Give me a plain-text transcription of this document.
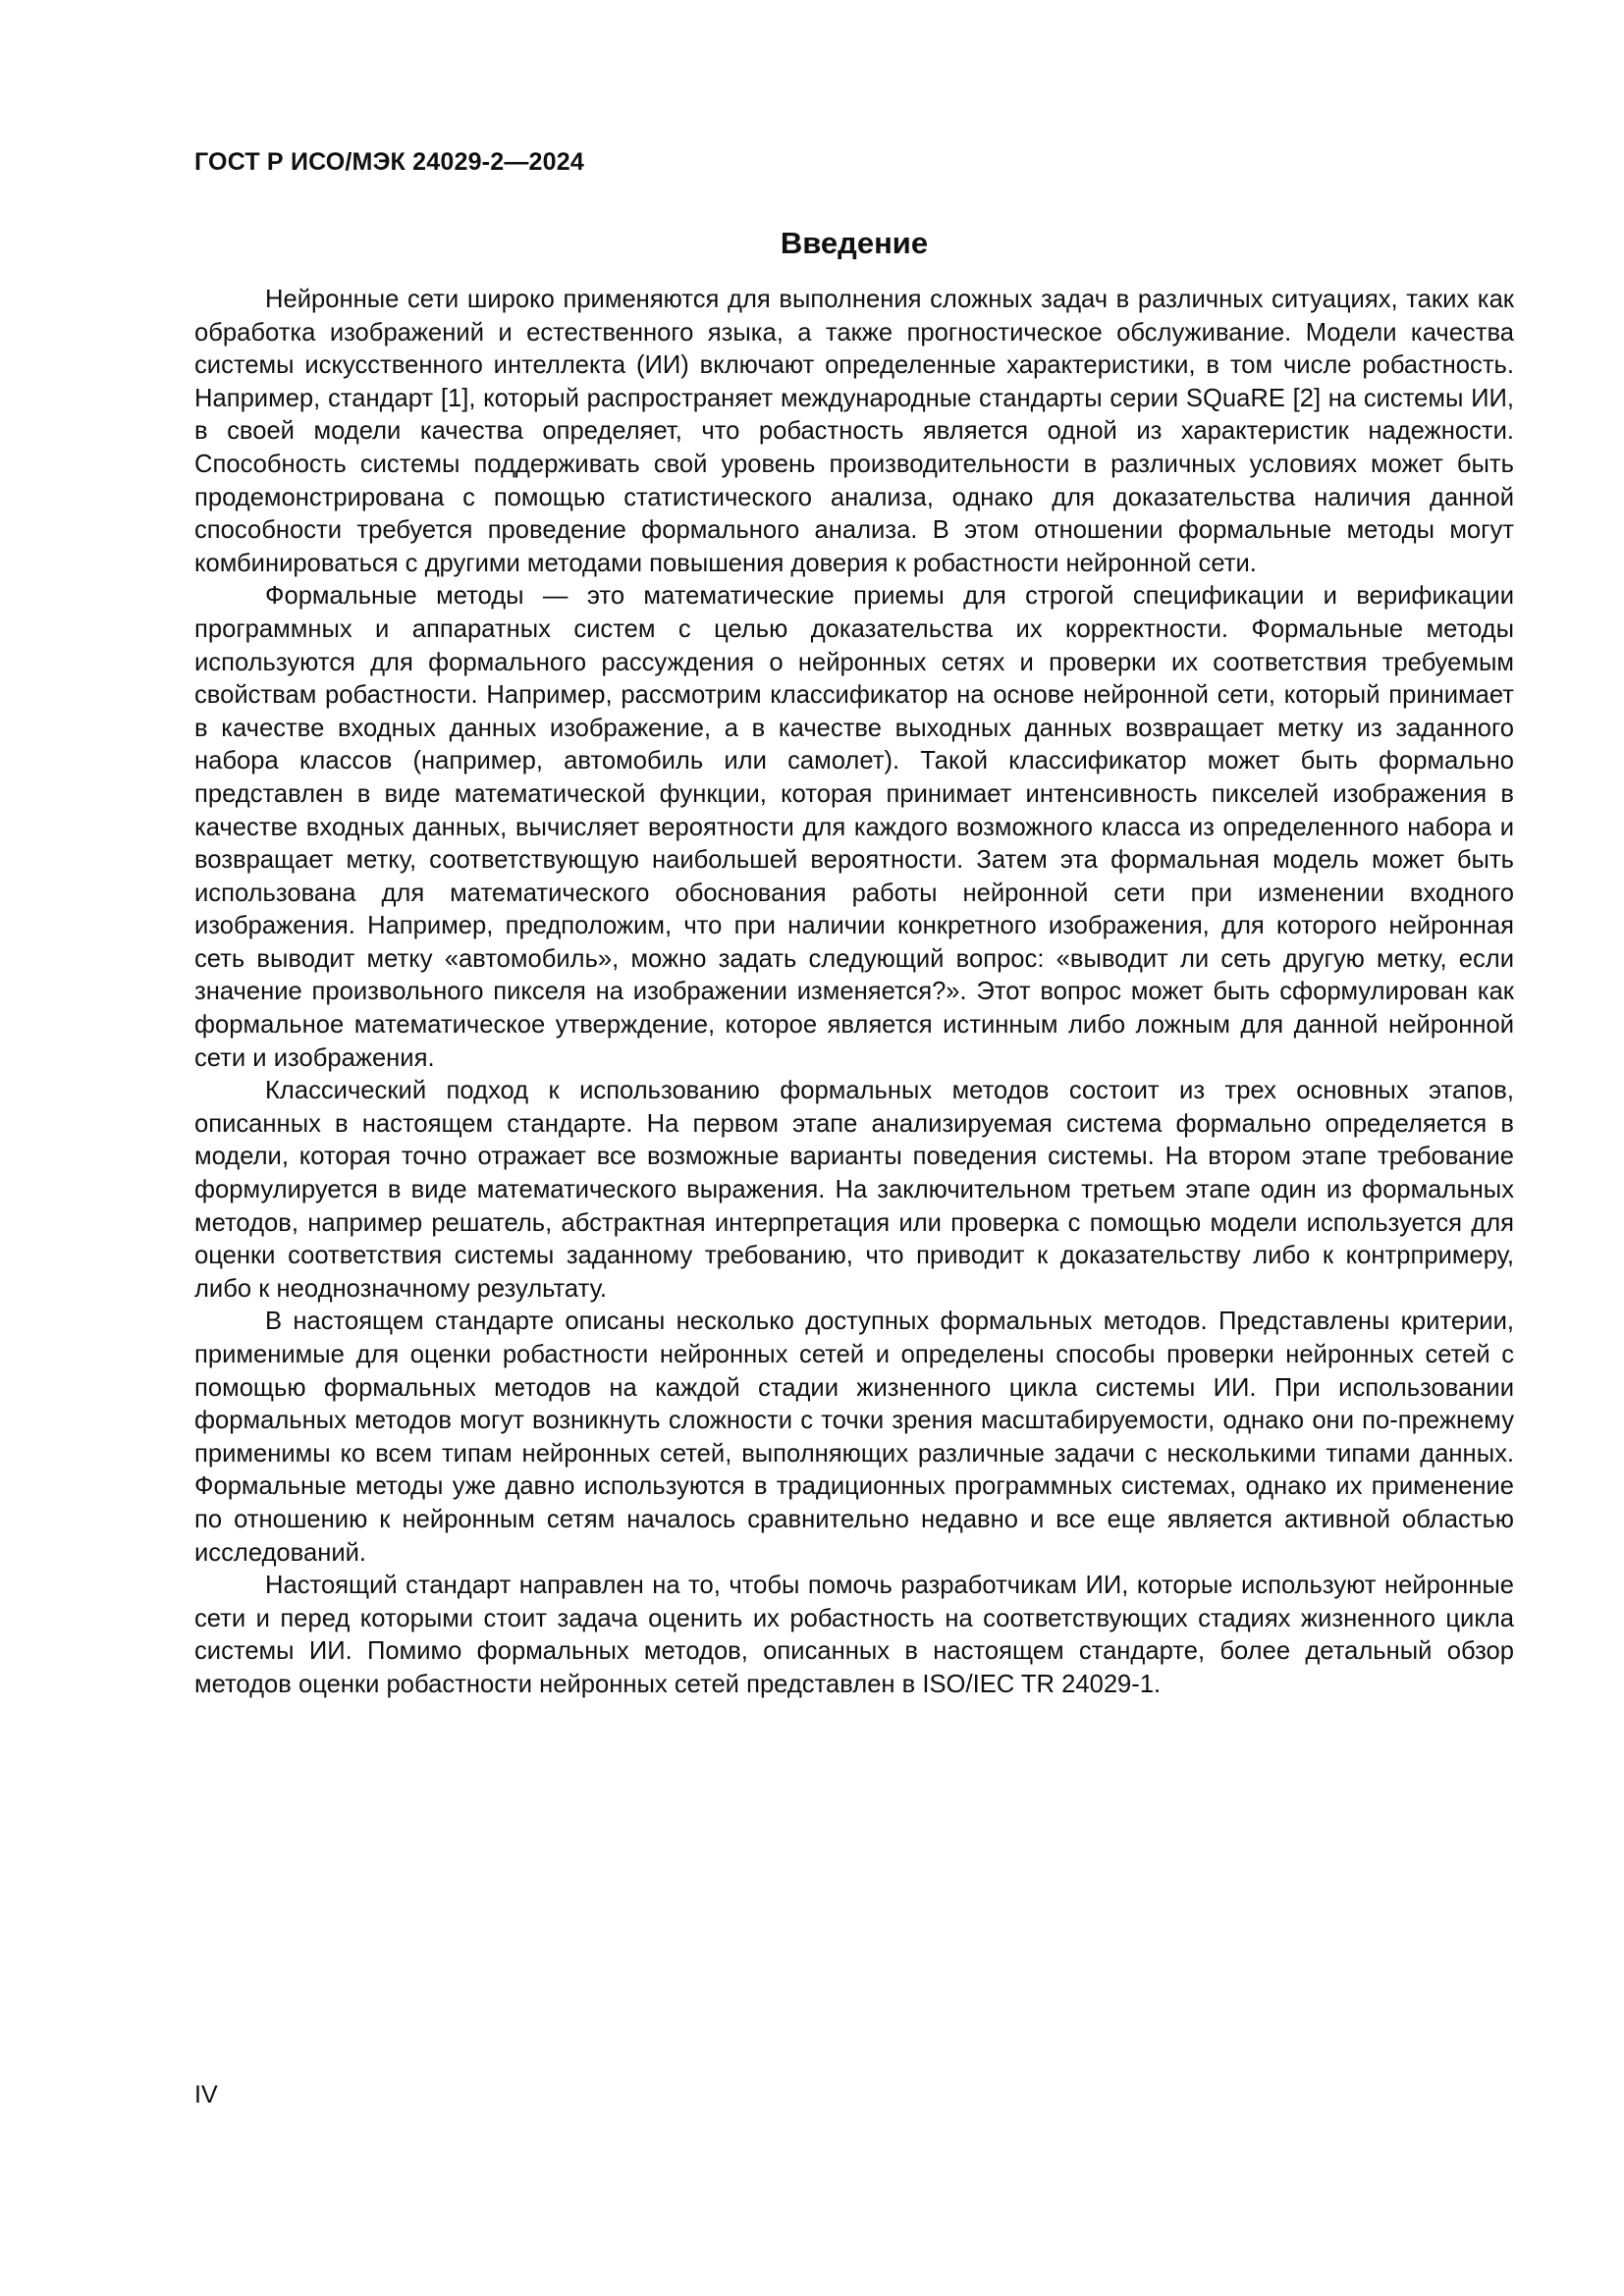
ГОСТ Р ИСО/МЭК 24029-2—2024
Введение

Нейронные сети широко применяются для выполнения сложных задач в различных ситуациях, таких как обработка изображений и естественного языка, а также прогностическое обслуживание. Модели качества системы искусственного интеллекта (ИИ) включают определенные характеристики, в том числе робастность. Например, стандарт [1], который распространяет международные стандарты серии SQuaRE [2] на системы ИИ, в своей модели качества определяет, что робастность является одной из характеристик надежности. Способность системы поддерживать свой уровень производительности в различных условиях может быть продемонстрирована с помощью статистического анализа, однако для доказательства наличия данной способности требуется проведение формального анализа. В этом отношении формальные методы могут комбинироваться с другими методами повышения доверия к робастности нейронной сети.

Формальные методы — это математические приемы для строгой спецификации и верификации программных и аппаратных систем с целью доказательства их корректности. Формальные методы используются для формального рассуждения о нейронных сетях и проверки их соответствия требуемым свойствам робастности. Например, рассмотрим классификатор на основе нейронной сети, который принимает в качестве входных данных изображение, а в качестве выходных данных возвращает метку из заданного набора классов (например, автомобиль или самолет). Такой классификатор может быть формально представлен в виде математической функции, которая принимает интенсивность пикселей изображения в качестве входных данных, вычисляет вероятности для каждого возможного класса из определенного набора и возвращает метку, соответствующую наибольшей вероятности. Затем эта формальная модель может быть использована для математического обоснования работы нейронной сети при изменении входного изображения. Например, предположим, что при наличии конкретного изображения, для которого нейронная сеть выводит метку «автомобиль», можно задать следующий вопрос: «выводит ли сеть другую метку, если значение произвольного пикселя на изображении изменяется?». Этот вопрос может быть сформулирован как формальное математическое утверждение, которое является истинным либо ложным для данной нейронной сети и изображения.

Классический подход к использованию формальных методов состоит из трех основных этапов, описанных в настоящем стандарте. На первом этапе анализируемая система формально определяется в модели, которая точно отражает все возможные варианты поведения системы. На втором этапе требование формулируется в виде математического выражения. На заключительном третьем этапе один из формальных методов, например решатель, абстрактная интерпретация или проверка с помощью модели используется для оценки соответствия системы заданному требованию, что приводит к доказательству либо к контрпримеру, либо к неоднозначному результату.

В настоящем стандарте описаны несколько доступных формальных методов. Представлены критерии, применимые для оценки робастности нейронных сетей и определены способы проверки нейронных сетей с помощью формальных методов на каждой стадии жизненного цикла системы ИИ. При использовании формальных методов могут возникнуть сложности с точки зрения масштабируемости, однако они по-прежнему применимы ко всем типам нейронных сетей, выполняющих различные задачи с несколькими типами данных. Формальные методы уже давно используются в традиционных программных системах, однако их применение по отношению к нейронным сетям началось сравнительно недавно и все еще является активной областью исследований.

Настоящий стандарт направлен на то, чтобы помочь разработчикам ИИ, которые используют нейронные сети и перед которыми стоит задача оценить их робастность на соответствующих стадиях жизненного цикла системы ИИ. Помимо формальных методов, описанных в настоящем стандарте, более детальный обзор методов оценки робастности нейронных сетей представлен в ISO/IEC TR 24029-1.

IV
